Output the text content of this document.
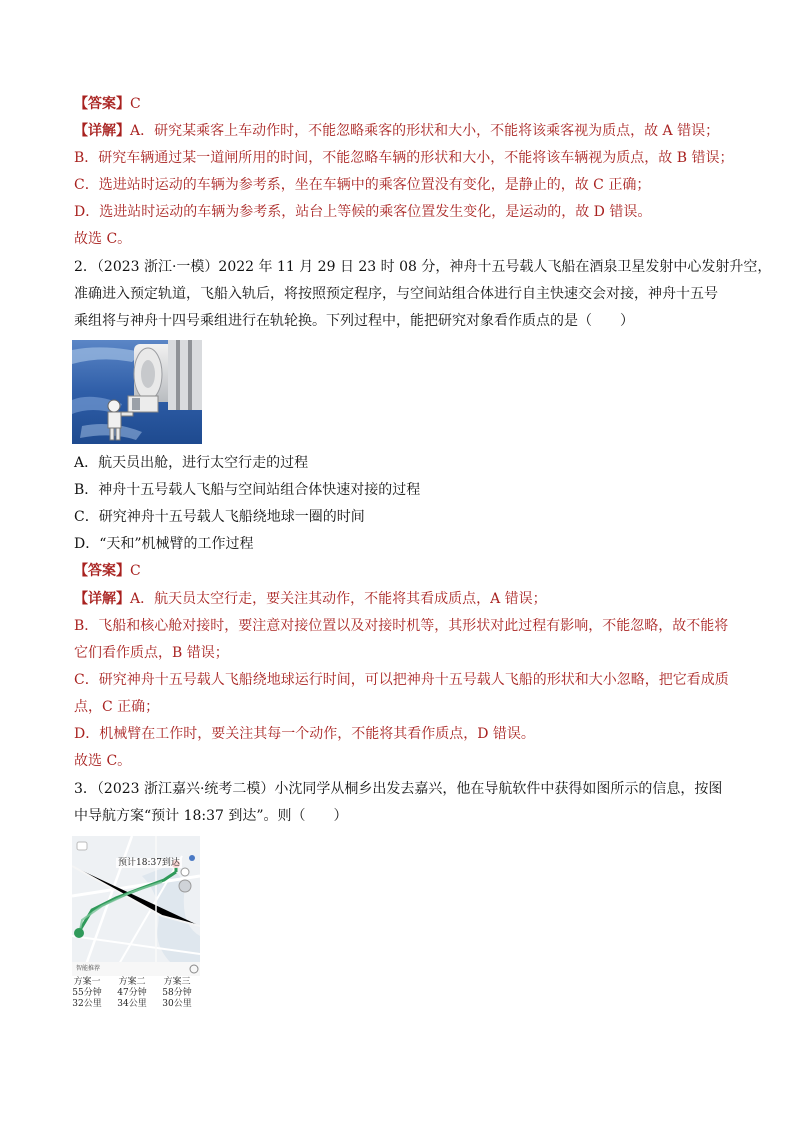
【答案】C
【详解】A．研究某乘客上车动作时，不能忽略乘客的形状和大小，不能将该乘客视为质点，故 A 错误；
B．研究车辆通过某一道闸所用的时间，不能忽略车辆的形状和大小，不能将该车辆视为质点，故 B 错误；
C．选进站时运动的车辆为参考系，坐在车辆中的乘客位置没有变化，是静止的，故 C 正确；
D．选进站时运动的车辆为参考系，站台上等候的乘客位置发生变化，是运动的，故 D 错误。
故选 C。
2．（2023 浙江·一模）2022 年 11 月 29 日 23 时 08 分，神舟十五号载人飞船在酒泉卫星发射中心发射升空，
准确进入预定轨道，飞船入轨后，将按照预定程序，与空间站组合体进行自主快速交会对接，神舟十五号
乘组将与神舟十四号乘组进行在轨轮换。下列过程中，能把研究对象看作质点的是（　　）
A．航天员出舱，进行太空行走的过程
B．神舟十五号载人飞船与空间站组合体快速对接的过程
C．研究神舟十五号载人飞船绕地球一圈的时间
D．“天和”机械臂的工作过程
【答案】C
【详解】A．航天员太空行走，要关注其动作，不能将其看成质点，A 错误；
B．飞船和核心舱对接时，要注意对接位置以及对接时机等，其形状对此过程有影响，不能忽略，故不能将
它们看作质点，B 错误；
C．研究神舟十五号载人飞船绕地球运行时间，可以把神舟十五号载人飞船的形状和大小忽略，把它看成质
点，C 正确；
D．机械臂在工作时，要关注其每一个动作，不能将其看作质点，D 错误。
故选 C。
3．（2023 浙江嘉兴·统考二模）小沈同学从桐乡出发去嘉兴，他在导航软件中获得如图所示的信息，按图
中导航方案“预计 18:37 到达”。则（　　）
预计18:37到达
智能推荐
方案一
55分钟
32公里
方案二
47分钟
34公里
方案三
58分钟
30公里
